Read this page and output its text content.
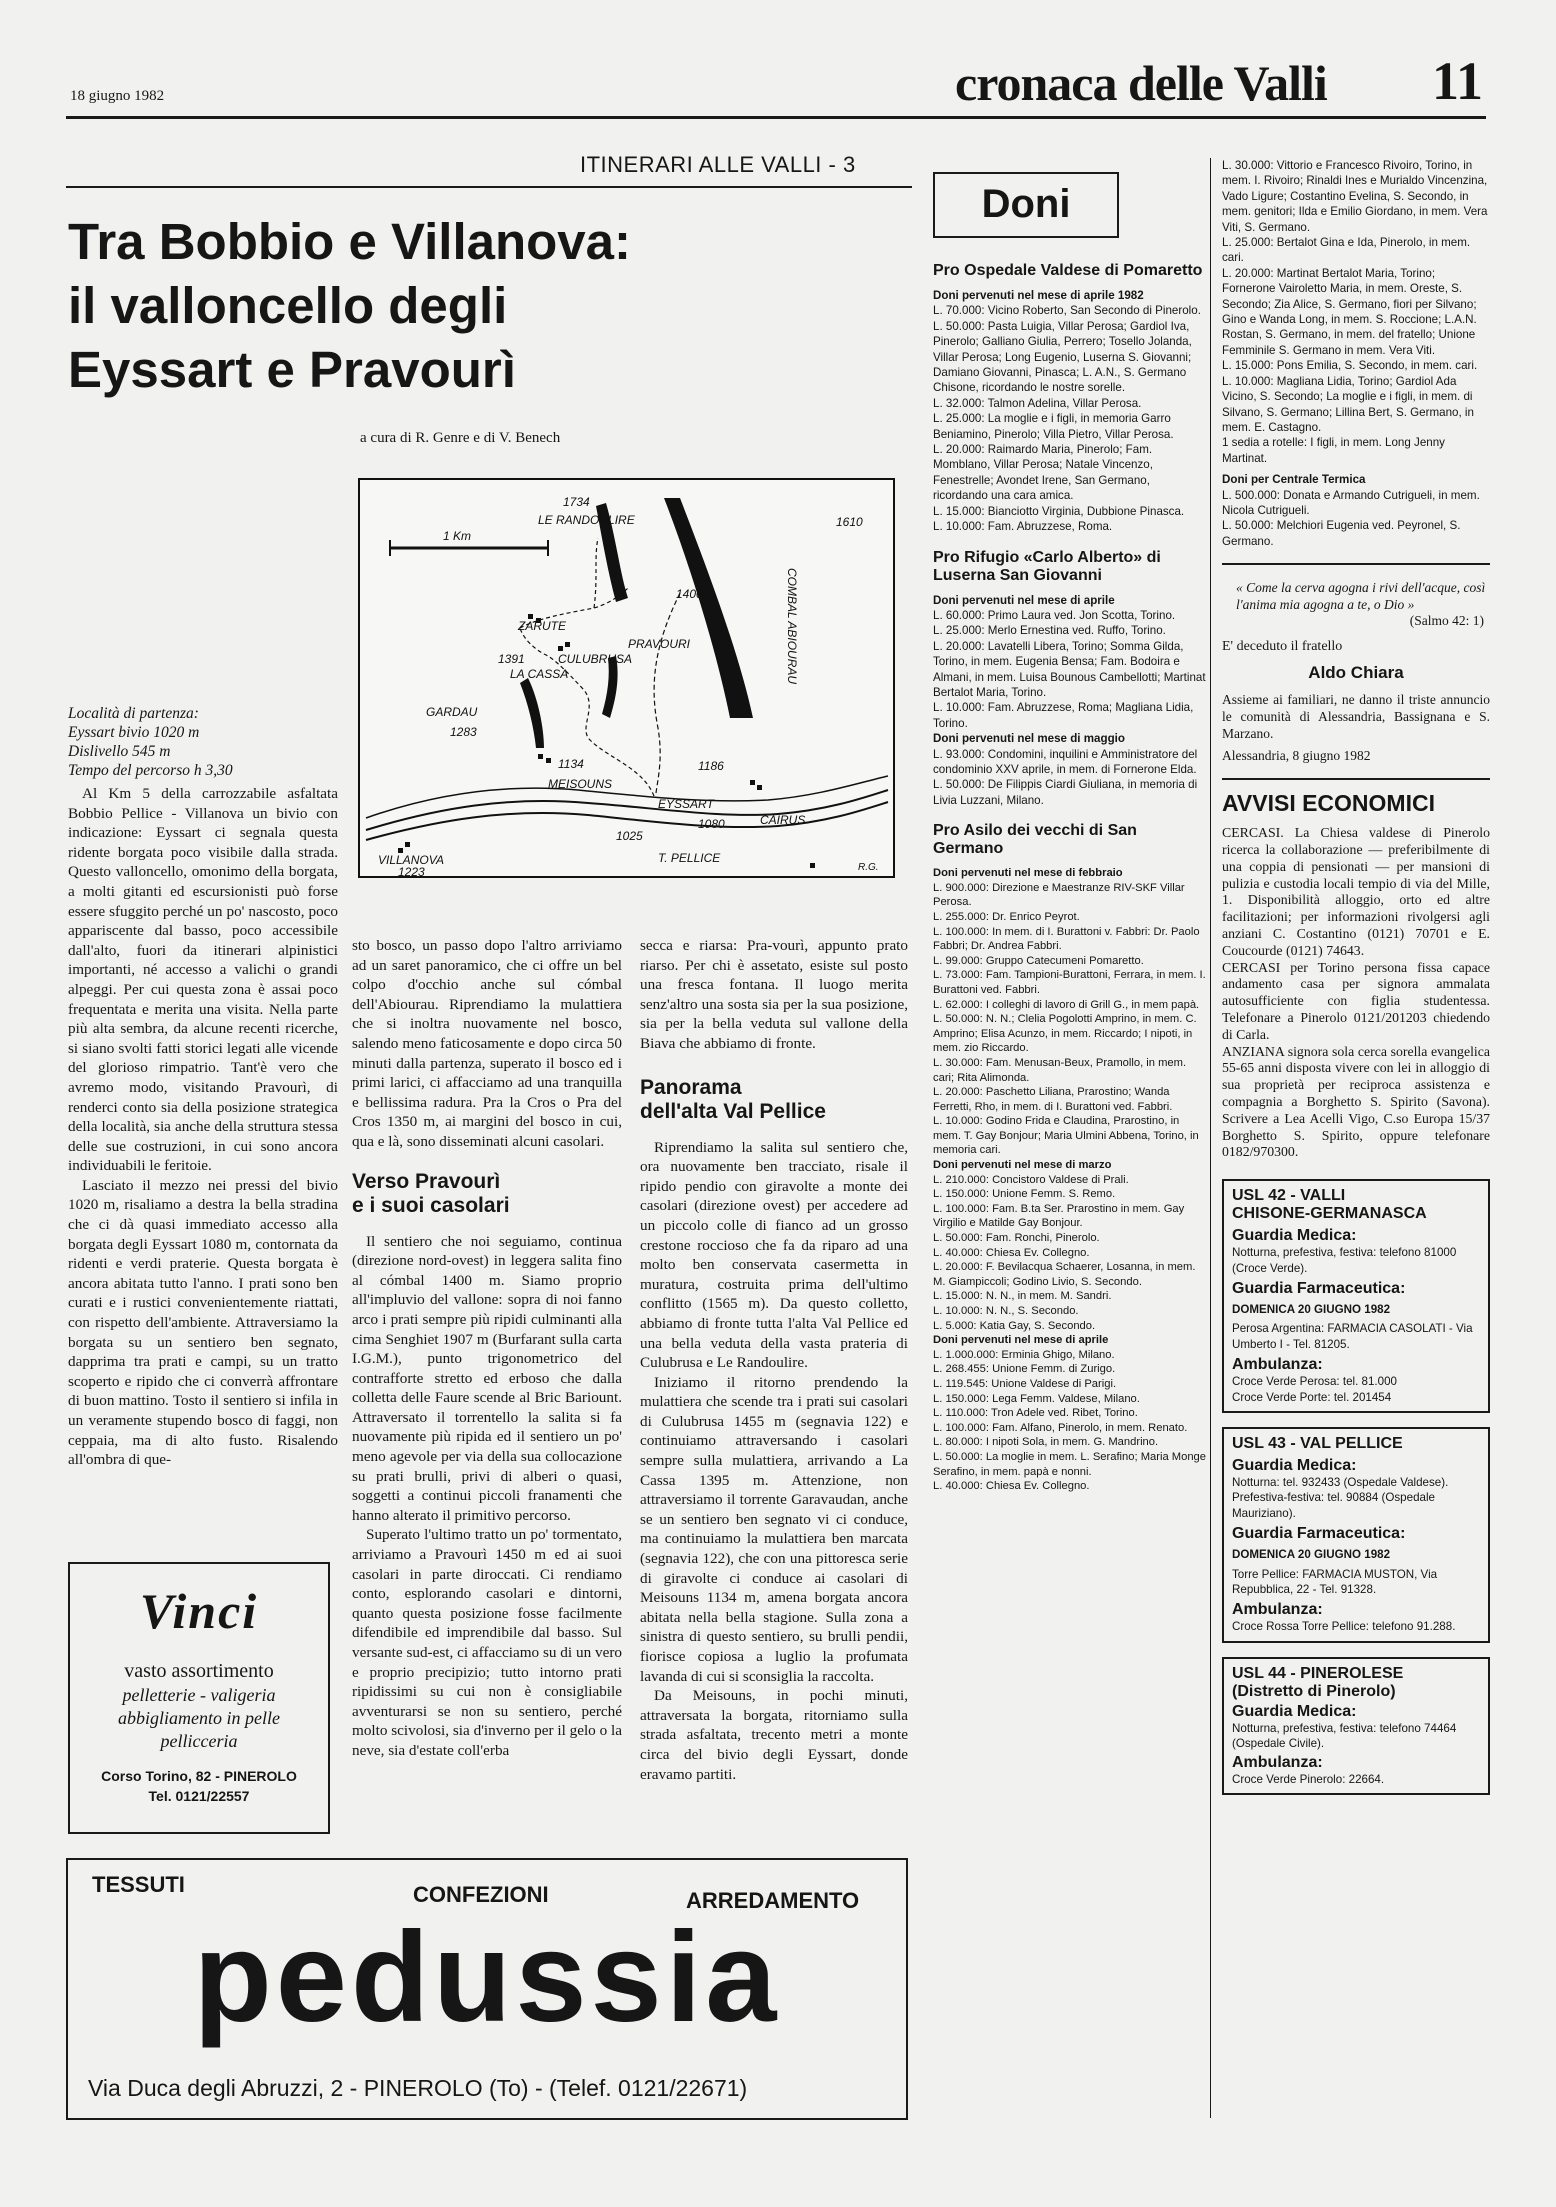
18 giugno 1982	cronaca delle Valli 11
ITINERARI ALLE VALLI - 3
Tra Bobbio e Villanova:
il valloncello degli
Eyssart e Pravourì
a cura di R. Genre e di V. Benech
1 Km
1734
LE RANDOULIRE	1610
COMBAL ABIOURAU
1400
ZARUTE
PRAVOURI
1391	CULUBRUSA
LA CASSA
GARDAU
1283
1134
MEISOUNS
1186
EYSSART
1080	CAIRUS
1025
T. PELLICE
VILLANOVA
1223	R.G.
Località di partenza:
Eyssart bivio 1020 m
Dislivello 545 m
Tempo del percorso h 3,30

Al Km 5 della carrozzabile asfaltata Bobbio Pellice - Villanova un bivio con indicazione: Eyssart ci segnala questa ridente borgata poco visibile dalla strada. Questo valloncello, omonimo della borgata, a molti gitanti ed escursionisti può forse essere sfuggito perché un po' nascosto, poco appariscente dal basso, poco accessibile dall'alto, fuori da itinerari alpinistici importanti, né accesso a valichi o grandi alpeggi. Per cui questa zona è assai poco frequentata e merita una visita. Nella parte più alta sembra, da alcune recenti ricerche, si siano svolti fatti storici legati alle vicende del glorioso rimpatrio. Tant'è vero che avremo modo, visitando Pravourì, di renderci conto sia della posizione strategica della località, sia anche della struttura stessa delle sue costruzioni, in cui sono ancora individuabili le feritoie.

Lasciato il mezzo nei pressi del bivio 1020 m, risaliamo a destra la bella stradina che ci dà quasi immediato accesso alla borgata degli Eyssart 1080 m, contornata da ridenti e verdi praterie. Questa borgata è ancora abitata tutto l'anno. I prati sono ben curati e i rustici convenientemente riattati, con rispetto dell'ambiente. Attraversiamo la borgata su un sentiero ben segnato, dapprima tra prati e campi, su un tratto scoperto e ripido che ci converrà affrontare di buon mattino. Tosto il sentiero si infila in un veramente stupendo bosco di faggi, non ceppaia, ma di alto fusto. Risalendo all'ombra di que-

Vinci
vasto assortimento
pelletterie - valigeria
abbigliamento in pelle
pellicceria
Corso Torino, 82 - PINEROLO
Tel. 0121/22557

sto bosco, un passo dopo l'altro arriviamo ad un saret panoramico, che ci offre un bel colpo d'occhio anche sul cómbal dell'Abiourau. Riprendiamo la mulattiera che si inoltra nuovamente nel bosco, salendo meno faticosamente e dopo circa 50 minuti dalla partenza, superato il bosco ed i primi larici, ci affacciamo ad una tranquilla e bellissima radura. Pra la Cros o Pra del Cros 1350 m, ai margini del bosco in cui, qua e là, sono disseminati alcuni casolari.

Verso Pravourì
e i suoi casolari

Il sentiero che noi seguiamo, continua (direzione nord-ovest) in leggera salita fino al cómbal 1400 m. Siamo proprio all'impluvio del vallone: sopra di noi fanno arco i prati sempre più ripidi culminanti alla cima Senghiet 1907 m (Burfarant sulla carta I.G.M.), punto trigonometrico del contrafforte stretto ed erboso che dalla colletta delle Faure scende al Bric Bariount. Attraversato il torrentello la salita si fa nuovamente più ripida ed il sentiero un po' meno agevole per via della sua collocazione su prati brulli, privi di alberi o quasi, soggetti a continui piccoli franamenti che hanno alterato il primitivo percorso.

Superato l'ultimo tratto un po' tormentato, arriviamo a Pravourì 1450 m ed ai suoi casolari in parte diroccati. Ci rendiamo conto, esplorando casolari e dintorni, quanto questa posizione fosse facilmente difendibile ed imprendibile dal basso. Sul versante sud-est, ci affacciamo su di un vero e proprio precipizio; tutto intorno prati ripidissimi su cui non è consigliabile avventurarsi se non su sentiero, perché molto scivolosi, sia d'inverno per il gelo o la neve, sia d'estate coll'erba

secca e riarsa: Pra-vourì, appunto prato riarso. Per chi è assetato, esiste sul posto una fresca fontana. Il luogo merita senz'altro una sosta sia per la sua posizione, sia per la bella veduta sul vallone della Biava che abbiamo di fronte.

Panorama
dell'alta Val Pellice

Riprendiamo la salita sul sentiero che, ora nuovamente ben tracciato, risale il ripido pendio con giravolte a monte dei casolari (direzione ovest) per accedere ad un piccolo colle di fianco ad un grosso crestone roccioso che fa da riparo ad una molto ben conservata casermetta in muratura, costruita prima dell'ultimo conflitto (1565 m). Da questo colletto, abbiamo di fronte tutta l'alta Val Pellice ed una bella veduta della vasta prateria di Culubrusa e Le Randoulire.

Iniziamo il ritorno prendendo la mulattiera che scende tra i prati sui casolari di Culubrusa 1455 m (segnavia 122) e continuiamo attraversando i casolari sempre sulla mulattiera, arrivando a La Cassa 1395 m. Attenzione, non attraversiamo il torrente Garavaudan, anche se un sentiero ben segnato vi ci conduce, ma continuiamo la mulattiera ben marcata (segnavia 122), che con una pittoresca serie di giravolte ci conduce ai casolari di Meisouns 1134 m, amena borgata ancora abitata nella bella stagione. Sulla zona a sinistra di questo sentiero, su brulli pendii, fiorisce copiosa a luglio la profumata lavanda di cui si sconsiglia la raccolta.

Da Meisouns, in pochi minuti, attraversata la borgata, ritorniamo sulla strada asfaltata, trecento metri a monte circa del bivio degli Eyssart, donde eravamo partiti.

TESSUTI	CONFEZIONI	ARREDAMENTO
pedussia
Via Duca degli Abruzzi, 2 - PINEROLO (To) - (Telef. 0121/22671)
Doni
Pro Ospedale Valdese di Pomaretto

Doni pervenuti nel mese di aprile 1982

L. 70.000: Vicino Roberto, San Secondo di Pinerolo.

L. 50.000: Pasta Luigia, Villar Perosa; Gardiol Iva, Pinerolo; Galliano Giulia, Perrero; Tosello Jolanda, Villar Perosa; Long Eugenio, Luserna S. Giovanni; Damiano Giovanni, Pinasca; L. A.N., S. Germano Chisone, ricordando le nostre sorelle.

L. 32.000: Talmon Adelina, Villar Perosa.

L. 25.000: La moglie e i figli, in memoria Garro Beniamino, Pinerolo; Villa Pietro, Villar Perosa.

L. 20.000: Raimardo Maria, Pinerolo; Fam. Momblano, Villar Perosa; Natale Vincenzo, Fenestrelle; Avondet Irene, San Germano, ricordando una cara amica.

L. 15.000: Bianciotto Virginia, Dubbione Pinasca.

L. 10.000: Fam. Abruzzese, Roma.

Pro Rifugio «Carlo Alberto» di Luserna San Giovanni

Doni pervenuti nel mese di aprile

L. 60.000: Primo Laura ved. Jon Scotta, Torino.

L. 25.000: Merlo Ernestina ved. Ruffo, Torino.

L. 20.000: Lavatelli Libera, Torino; Somma Gilda, Torino, in mem. Eugenia Bensa; Fam. Bodoira e Almani, in mem. Luisa Bounous Cambellotti; Martinat Bertalot Maria, Torino.

L. 10.000: Fam. Abruzzese, Roma; Magliana Lidia, Torino.

Doni pervenuti nel mese di maggio

L. 93.000: Condomini, inquilini e Amministratore del condominio XXV aprile, in mem. di Fornerone Elda.

L. 50.000: De Filippis Ciardi Giuliana, in memoria di Livia Luzzani, Milano.

Pro Asilo dei vecchi di San Germano

Doni pervenuti nel mese di febbraio

L. 900.000: Direzione e Maestranze RIV-SKF Villar Perosa.

L. 255.000: Dr. Enrico Peyrot.

L. 100.000: In mem. di I. Burattoni v. Fabbri: Dr. Paolo Fabbri; Dr. Andrea Fabbri.

L. 99.000: Gruppo Catecumeni Pomaretto.

L. 73.000: Fam. Tampioni-Burattoni, Ferrara, in mem. I. Burattoni ved. Fabbri.

L. 62.000: I colleghi di lavoro di Grill G., in mem papà.

L. 50.000: N. N.; Clelia Pogolotti Amprino, in mem. C. Amprino; Elisa Acunzo, in mem. Riccardo; I nipoti, in mem. zio Riccardo.

L. 30.000: Fam. Menusan-Beux, Pramollo, in mem. cari; Rita Alimonda.

L. 20.000: Paschetto Liliana, Prarostino; Wanda Ferretti, Rho, in mem. di I. Burattoni ved. Fabbri.

L. 10.000: Godino Frida e Claudina, Prarostino, in mem. T. Gay Bonjour; Maria Ulmini Abbena, Torino, in memoria cari.

Doni pervenuti nel mese di marzo

L. 210.000: Concistoro Valdese di Prali.

L. 150.000: Unione Femm. S. Remo.

L. 100.000: Fam. B.ta Ser. Prarostino in mem. Gay Virgilio e Matilde Gay Bonjour.

L. 50.000: Fam. Ronchi, Pinerolo.

L. 40.000: Chiesa Ev. Collegno.

L. 20.000: F. Bevilacqua Schaerer, Losanna, in mem. M. Giampiccoli; Godino Livio, S. Secondo.

L. 15.000: N. N., in mem. M. Sandri.

L. 10.000: N. N., S. Secondo.

L. 5.000: Katia Gay, S. Secondo.

Doni pervenuti nel mese di aprile

L. 1.000.000: Erminia Ghigo, Milano.

L. 268.455: Unione Femm. di Zurigo.

L. 119.545: Unione Valdese di Parigi.

L. 150.000: Lega Femm. Valdese, Milano.

L. 110.000: Tron Adele ved. Ribet, Torino.

L. 100.000: Fam. Alfano, Pinerolo, in mem. Renato.

L. 80.000: I nipoti Sola, in mem. G. Mandrino.

L. 50.000: La moglie in mem. L. Serafino; Maria Monge Serafino, in mem. papà e nonni.

L. 40.000: Chiesa Ev. Collegno.

L. 30.000: Vittorio e Francesco Rivoiro, Torino, in mem. I. Rivoiro; Rinaldi Ines e Murialdo Vincenzina, Vado Ligure; Costantino Evelina, S. Secondo, in mem. genitori; Ilda e Emilio Giordano, in mem. Vera Viti, S. Germano.

L. 25.000: Bertalot Gina e Ida, Pinerolo, in mem. cari.

L. 20.000: Martinat Bertalot Maria, Torino; Fornerone Vairoletto Maria, in mem. Oreste, S. Secondo; Zia Alice, S. Germano, fiori per Silvano; Gino e Wanda Long, in mem. S. Roccione; L.A.N. Rostan, S. Germano, in mem. del fratello; Unione Femminile S. Germano in mem. Vera Viti.

L. 15.000: Pons Emilia, S. Secondo, in mem. cari.

L. 10.000: Magliana Lidia, Torino; Gardiol Ada Vicino, S. Secondo; La moglie e i figli, in mem. di Silvano, S. Germano; Lillina Bert, S. Germano, in mem. E. Castagno.

1 sedia a rotelle: I figli, in mem. Long Jenny Martinat.

Doni per Centrale Termica

L. 500.000: Donata e Armando Cutrigueli, in mem. Nicola Cutrigueli.

L. 50.000: Melchiori Eugenia ved. Peyronel, S. Germano.

« Come la cerva agogna i rivi dell'acque, così l'anima mia agogna a te, o Dio »
(Salmo 42: 1)
E' deceduto il fratello
Aldo Chiara
Assieme ai familiari, ne danno il triste annuncio le comunità di Alessandria, Bassignana e S. Marzano.
Alessandria, 8 giugno 1982
AVVISI ECONOMICI

CERCASI. La Chiesa valdese di Pinerolo ricerca la collaborazione — preferibilmente di una coppia di pensionati — per mansioni di pulizia e custodia locali tempio di via del Mille, 1. Disponibilità alloggio, orto ed altre facilitazioni; per informazioni rivolgersi agli anziani C. Costantino (0121) 70701 e E. Coucourde (0121) 74643.

CERCASI per Torino persona fissa capace andamento casa per signora ammalata autosufficiente con figlia studentessa. Telefonare a Pinerolo 0121/201203 chiedendo di Carla.

ANZIANA signora sola cerca sorella evangelica 55-65 anni disposta vivere con lei in alloggio di sua proprietà per reciproca assistenza e compagnia a Borghetto S. Spirito (Savona). Scrivere a Lea Acelli Vigo, C.so Europa 15/37 Borghetto S. Spirito, oppure telefonare 0182/970300.

USL 42 - VALLI
CHISONE-GERMANASCA
Guardia Medica:
Notturna, prefestiva, festiva: telefono 81000 (Croce Verde).
Guardia Farmaceutica:
DOMENICA 20 GIUGNO 1982
Perosa Argentina: FARMACIA CASOLATI - Via Umberto I - Tel. 81205.
Ambulanza:
Croce Verde Perosa: tel. 81.000
Croce Verde Porte: tel. 201454
USL 43 - VAL PELLICE
Guardia Medica:
Notturna: tel. 932433 (Ospedale Valdese).
Prefestiva-festiva: tel. 90884 (Ospedale Mauriziano).
Guardia Farmaceutica:
DOMENICA 20 GIUGNO 1982
Torre Pellice: FARMACIA MUSTON, Via Repubblica, 22 - Tel. 91328.
Ambulanza:
Croce Rossa Torre Pellice: telefono 91.288.
USL 44 - PINEROLESE
(Distretto di Pinerolo)
Guardia Medica:
Notturna, prefestiva, festiva: telefono 74464 (Ospedale Civile).
Ambulanza:
Croce Verde Pinerolo: 22664.
